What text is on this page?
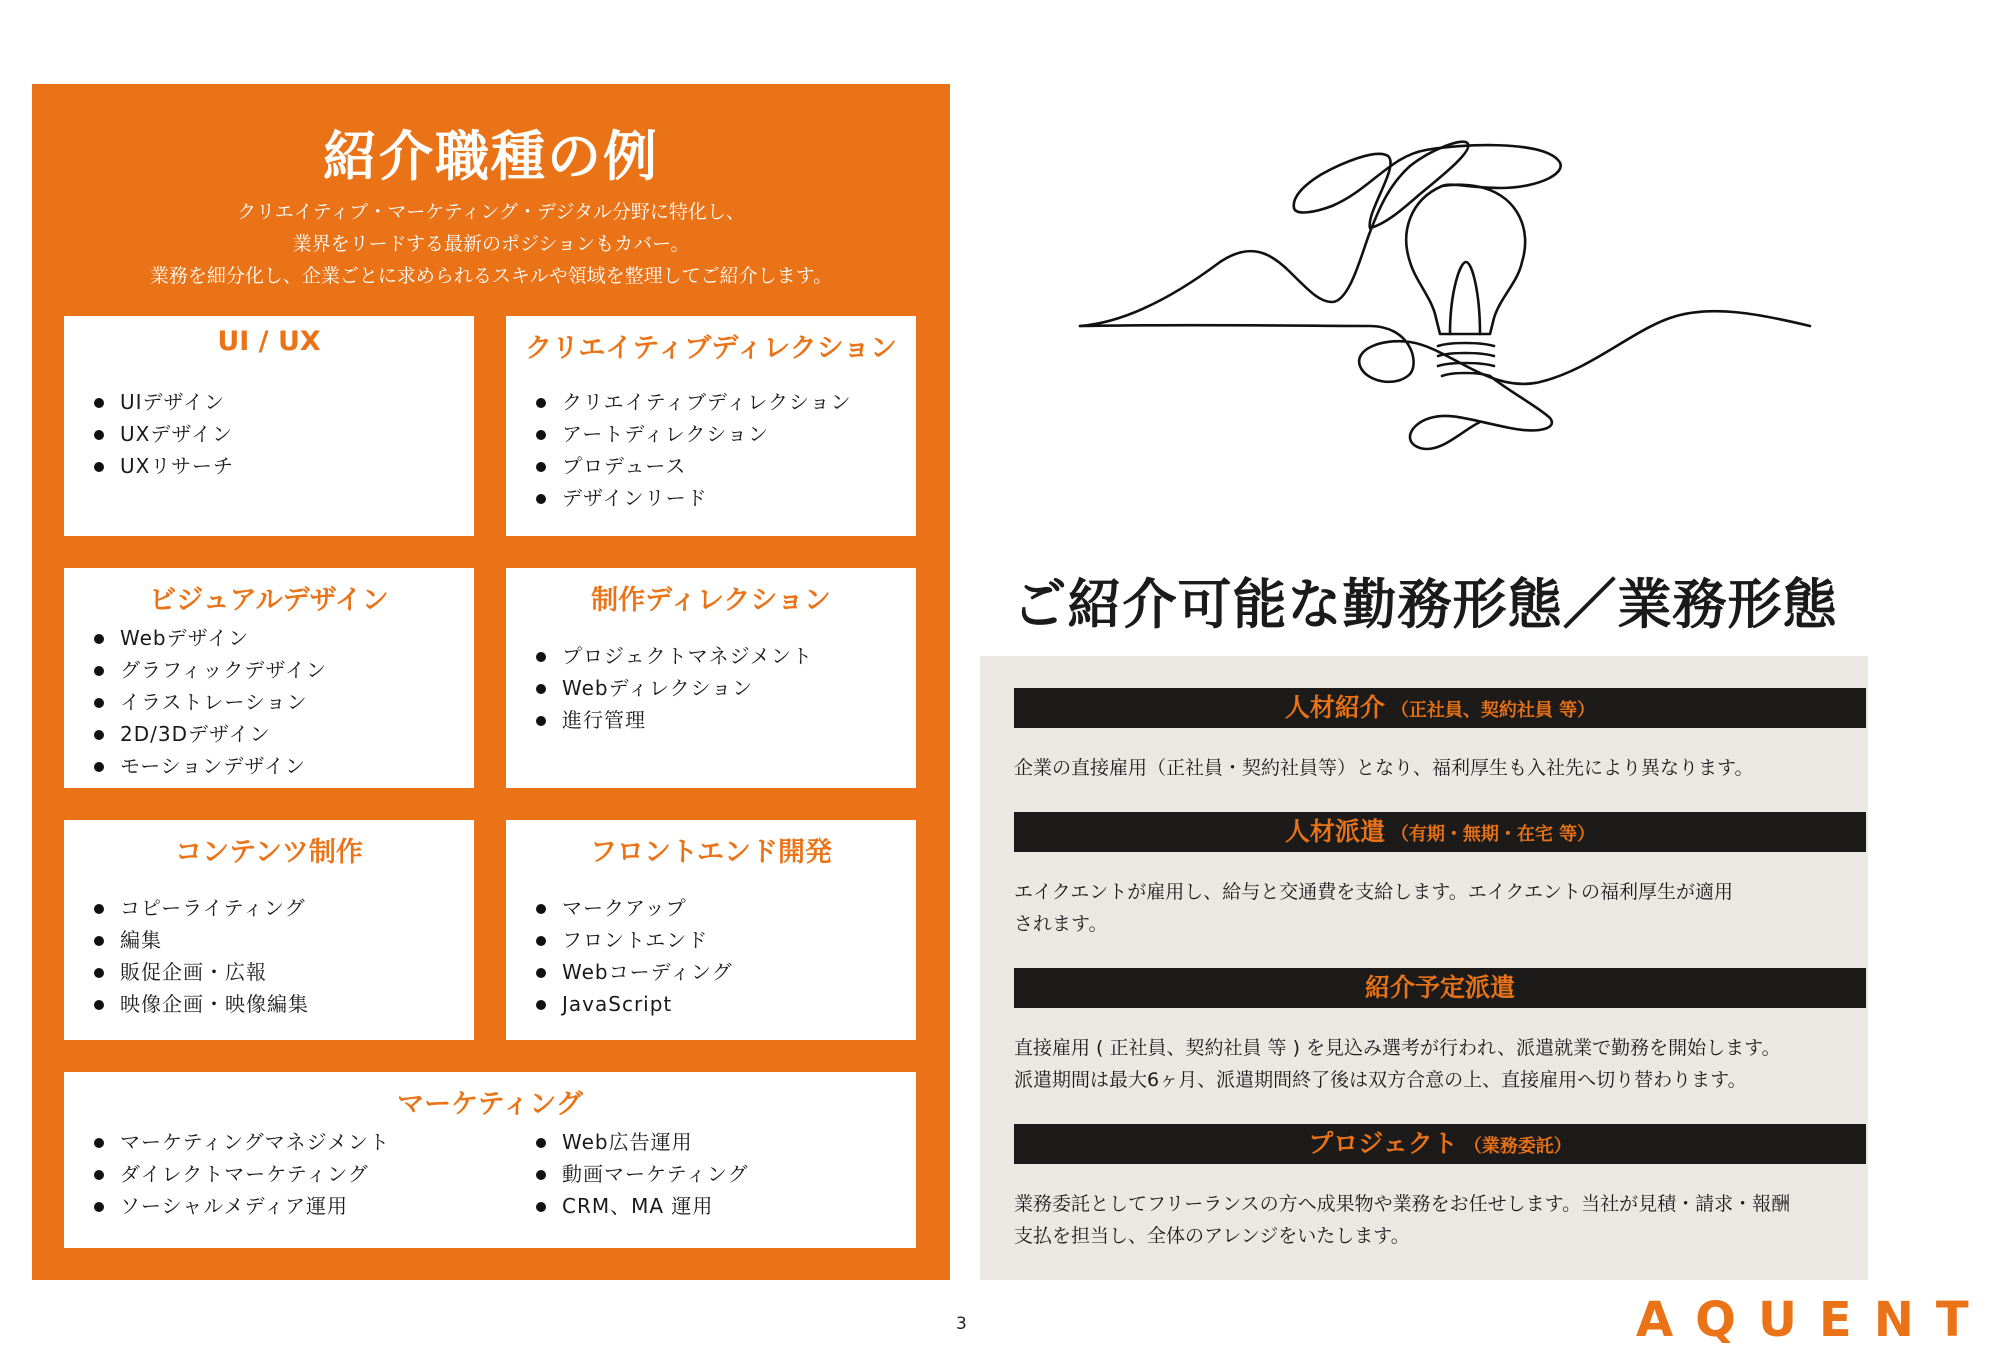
紹介職種の例
クリエイティブ・マーケティング・デジタル分野に特化し、
業界をリードする最新のポジションもカバー。
業務を細分化し、企業ごとに求められるスキルや領域を整理してご紹介します。
UI / UX
UIデザイン
UXデザイン
UXリサーチ
クリエイティブディレクション
クリエイティブディレクション
アートディレクション
プロデュース
デザインリード
ビジュアルデザイン
Webデザイン
グラフィックデザイン
イラストレーション
2D/3Dデザイン
モーションデザイン
制作ディレクション
プロジェクトマネジメント
Webディレクション
進行管理
コンテンツ制作
コピーライティング
編集
販促企画・広報
映像企画・映像編集
フロントエンド開発
マークアップ
フロントエンド
Webコーディング
JavaScript
マーケティング
マーケティングマネジメント
ダイレクトマーケティング
ソーシャルメディア運用
Web広告運用
動画マーケティング
CRM、MA 運用
ご紹介可能な勤務形態／業務形態
人材紹介 （正社員、契約社員 等）
企業の直接雇用（正社員・契約社員等）となり、福利厚生も入社先により異なります。
人材派遣 （有期・無期・在宅 等）
エイクエントが雇用し、給与と交通費を支給します。エイクエントの福利厚生が適用
されます。
紹介予定派遣
直接雇用 ( 正社員、契約社員 等 ) を見込み選考が行われ、派遣就業で勤務を開始します。
派遣期間は最大6ヶ月、派遣期間終了後は双方合意の上、直接雇用へ切り替わります。
プロジェクト （業務委託）
業務委託としてフリーランスの方へ成果物や業務をお任せします。当社が見積・請求・報酬
支払を担当し、全体のアレンジをいたします。
3	AQUENT
